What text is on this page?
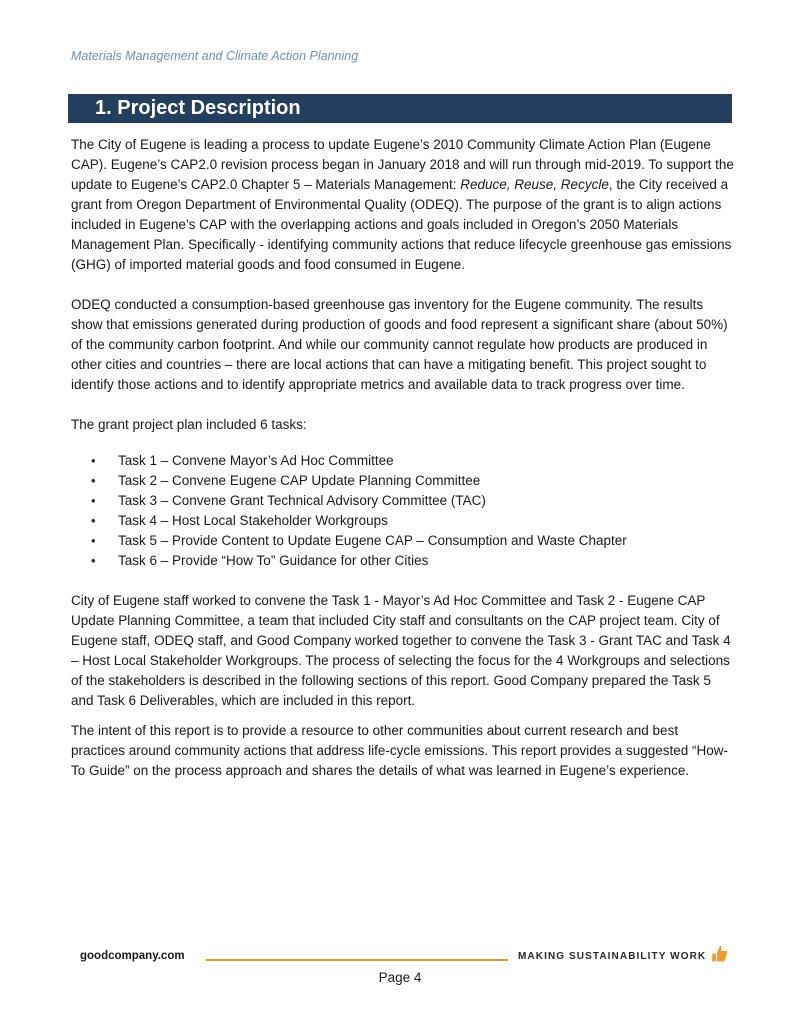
Materials Management and Climate Action Planning
1. Project Description

The City of Eugene is leading a process to update Eugene’s 2010 Community Climate Action Plan (Eugene CAP). Eugene’s CAP2.0 revision process began in January 2018 and will run through mid-2019. To support the update to Eugene’s CAP2.0 Chapter 5 – Materials Management: Reduce, Reuse, Recycle, the City received a grant from Oregon Department of Environmental Quality (ODEQ). The purpose of the grant is to align actions included in Eugene’s CAP with the overlapping actions and goals included in Oregon’s 2050 Materials Management Plan. Specifically - identifying community actions that reduce lifecycle greenhouse gas emissions (GHG) of imported material goods and food consumed in Eugene.

ODEQ conducted a consumption-based greenhouse gas inventory for the Eugene community. The results show that emissions generated during production of goods and food represent a significant share (about 50%) of the community carbon footprint. And while our community cannot regulate how products are produced in other cities and countries – there are local actions that can have a mitigating benefit. This project sought to identify those actions and to identify appropriate metrics and available data to track progress over time.

The grant project plan included 6 tasks:

• Task 1 – Convene Mayor’s Ad Hoc Committee
• Task 2 – Convene Eugene CAP Update Planning Committee
• Task 3 – Convene Grant Technical Advisory Committee (TAC)
• Task 4 – Host Local Stakeholder Workgroups
• Task 5 – Provide Content to Update Eugene CAP – Consumption and Waste Chapter
• Task 6 – Provide “How To” Guidance for other Cities

City of Eugene staff worked to convene the Task 1 - Mayor’s Ad Hoc Committee and Task 2 - Eugene CAP Update Planning Committee, a team that included City staff and consultants on the CAP project team. City of Eugene staff, ODEQ staff, and Good Company worked together to convene the Task 3 - Grant TAC and Task 4 – Host Local Stakeholder Workgroups. The process of selecting the focus for the 4 Workgroups and selections of the stakeholders is described in the following sections of this report. Good Company prepared the Task 5 and Task 6 Deliverables, which are included in this report.

The intent of this report is to provide a resource to other communities about current research and best practices around community actions that address life-cycle emissions. This report provides a suggested “How-To Guide” on the process approach and shares the details of what was learned in Eugene’s experience.

goodcompany.com	MAKING SUSTAINABILITY WORK
Page 4
